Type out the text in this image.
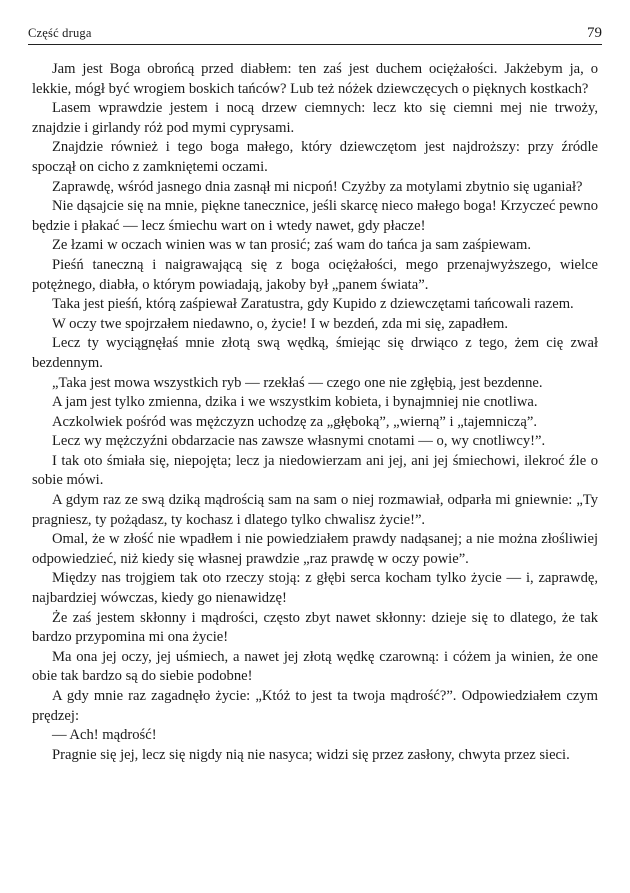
Część druga	79

Jam jest Boga obrońcą przed diabłem: ten zaś jest duchem ociężałości. Jakżebym ja, o lekkie, mógł być wrogiem boskich tańców? Lub też nóżek dziewczęcych o pięknych kostkach?

Lasem wprawdzie jestem i nocą drzew ciemnych: lecz kto się ciemni mej nie trwoży, znajdzie i girlandy róż pod mymi cyprysami.

Znajdzie również i tego boga małego, który dziewczętom jest najdroższy: przy źródle spoczął on cicho z zamkniętemi oczami.

Zaprawdę, wśród jasnego dnia zasnął mi nicpoń! Czyżby za motylami zbytnio się uganiał?

Nie dąsajcie się na mnie, piękne tanecznice, jeśli skarcę nieco małego boga! Krzyczeć pewno będzie i płakać — lecz śmiechu wart on i wtedy nawet, gdy płacze!

Ze łzami w oczach winien was w tan prosić; zaś wam do tańca ja sam zaśpiewam.

Pieśń taneczną i naigrawającą się z boga ociężałości, mego przenajwyższego, wielce potężnego, diabła, o którym powiadają, jakoby był „panem świata”.

Taka jest pieśń, którą zaśpiewał Zaratustra, gdy Kupido z dziewczętami tańcowali razem.

W oczy twe spojrzałem niedawno, o, życie! I w bezdeń, zda mi się, zapadłem.

Lecz ty wyciągnęłaś mnie złotą swą wędką, śmiejąc się drwiąco z tego, żem cię zwał bezdennym.

„Taka jest mowa wszystkich ryb — rzekłaś — czego one nie zgłębią, jest bezdenne.

A jam jest tylko zmienna, dzika i we wszystkim kobieta, i bynajmniej nie cnotliwa.

Aczkolwiek pośród was mężczyzn uchodzę za „głęboką”, „wierną” i „tajemniczą”.

Lecz wy mężczyźni obdarzacie nas zawsze własnymi cnotami — o, wy cnotliwcy!”.

I tak oto śmiała się, niepojęta; lecz ja niedowierzam ani jej, ani jej śmiechowi, ilekroć źle o sobie mówi.

A gdym raz ze swą dziką mądrością sam na sam o niej rozmawiał, odparła mi gniewnie: „Ty pragniesz, ty pożądasz, ty kochasz i dlatego tylko chwalisz życie!”.

Omal, że w złość nie wpadłem i nie powiedziałem prawdy nadąsanej; a nie można złośliwiej odpowiedzieć, niż kiedy się własnej prawdzie „raz prawdę w oczy powie”.

Między nas trojgiem tak oto rzeczy stoją: z głębi serca kocham tylko życie — i, zaprawdę, najbardziej wówczas, kiedy go nienawidzę!

Że zaś jestem skłonny i mądrości, często zbyt nawet skłonny: dzieje się to dlatego, że tak bardzo przypomina mi ona życie!

Ma ona jej oczy, jej uśmiech, a nawet jej złotą wędkę czarowną: i cóżem ja winien, że one obie tak bardzo są do siebie podobne!

A gdy mnie raz zagadnęło życie: „Któż to jest ta twoja mądrość?”. Odpowiedziałem czym prędzej:

— Ach! mądrość!

Pragnie się jej, lecz się nigdy nią nie nasyca; widzi się przez zasłony, chwyta przez sieci.
